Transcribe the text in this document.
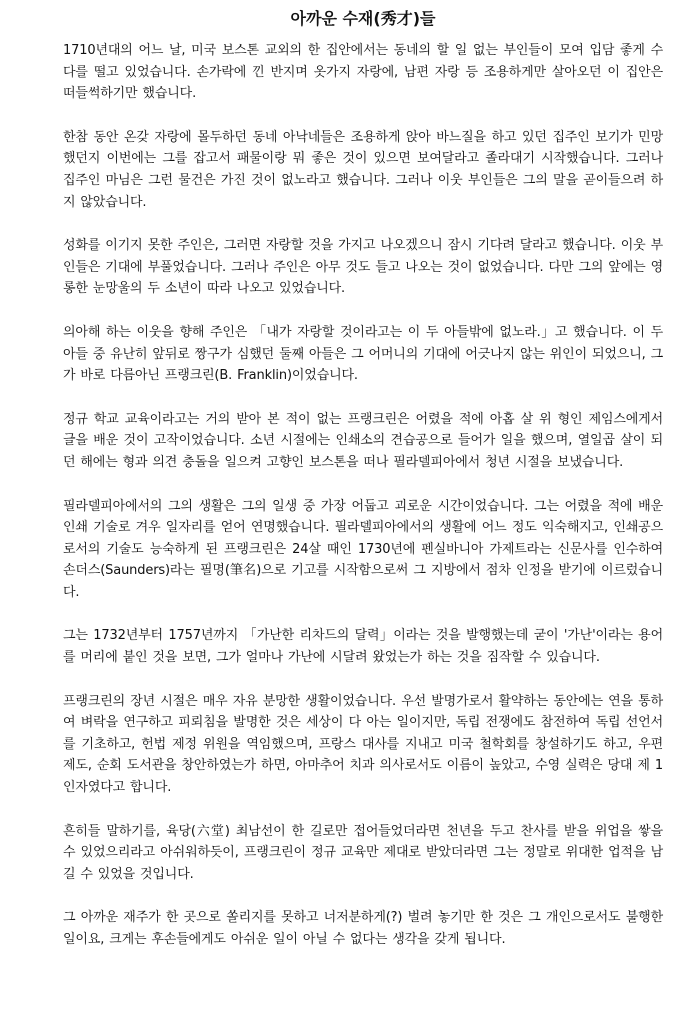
아까운 수재(秀才)들

1710년대의 어느 날, 미국 보스톤 교외의 한 집안에서는 동네의 할 일 없는 부인들이 모여 입담 좋게 수다를 떨고 있었습니다. 손가락에 낀 반지며 옷가지 자랑에, 남편 자랑 등 조용하게만 살아오던 이 집안은 떠들썩하기만 했습니다.

한참 동안 온갖 자랑에 몰두하던 동네 아낙네들은 조용하게 앉아 바느질을 하고 있던 집주인 보기가 민망했던지 이번에는 그를 잡고서 패물이랑 뭐 좋은 것이 있으면 보여달라고 졸라대기 시작했습니다. 그러나 집주인 마님은 그런 물건은 가진 것이 없노라고 했습니다. 그러나 이웃 부인들은 그의 말을 곧이들으려 하지 않았습니다.

성화를 이기지 못한 주인은, 그러면 자랑할 것을 가지고 나오겠으니 잠시 기다려 달라고 했습니다. 이웃 부인들은 기대에 부풀었습니다. 그러나 주인은 아무 것도 들고 나오는 것이 없었습니다. 다만 그의 앞에는 영롱한 눈망울의 두 소년이 따라 나오고 있었습니다.

의아해 하는 이웃을 향해 주인은 「내가 자랑할 것이라고는 이 두 아들밖에 없노라.」고 했습니다. 이 두 아들 중 유난히 앞뒤로 짱구가 심했던 둘째 아들은 그 어머니의 기대에 어긋나지 않는 위인이 되었으니, 그가 바로 다름아닌 프랭크린(B. Franklin)이었습니다.

정규 학교 교육이라고는 거의 받아 본 적이 없는 프랭크린은 어렸을 적에 아홉 살 위 형인 제임스에게서 글을 배운 것이 고작이었습니다. 소년 시절에는 인쇄소의 견습공으로 들어가 일을 했으며, 열일곱 살이 되던 해에는 형과 의견 충돌을 일으켜 고향인 보스톤을 떠나 필라델피아에서 청년 시절을 보냈습니다.

필라델피아에서의 그의 생활은 그의 일생 중 가장 어둡고 괴로운 시간이었습니다. 그는 어렸을 적에 배운 인쇄 기술로 겨우 일자리를 얻어 연명했습니다. 필라델피아에서의 생활에 어느 정도 익숙해지고, 인쇄공으로서의 기술도 능숙하게 된 프랭크린은 24살 때인 1730년에 펜실바니아 가제트라는 신문사를 인수하여 손더스(Saunders)라는 필명(筆名)으로 기고를 시작함으로써 그 지방에서 점차 인정을 받기에 이르렀습니다.

그는 1732년부터 1757년까지 「가난한 리차드의 달력」이라는 것을 발행했는데 굳이 '가난'이라는 용어를 머리에 붙인 것을 보면, 그가 얼마나 가난에 시달려 왔었는가 하는 것을 짐작할 수 있습니다.

프랭크린의 장년 시절은 매우 자유 분망한 생활이었습니다. 우선 발명가로서 활약하는 동안에는 연을 통하여 벼락을 연구하고 피뢰침을 발명한 것은 세상이 다 아는 일이지만, 독립 전쟁에도 참전하여 독립 선언서를 기초하고, 헌법 제정 위원을 역임했으며, 프랑스 대사를 지내고 미국 철학회를 창설하기도 하고, 우편 제도, 순회 도서관을 창안하였는가 하면, 아마추어 치과 의사로서도 이름이 높았고, 수영 실력은 당대 제 1인자였다고 합니다.

흔히들 말하기를, 육당(六堂) 최남선이 한 길로만 접어들었더라면 천년을 두고 찬사를 받을 위업을 쌓을 수 있었으리라고 아쉬워하듯이, 프랭크린이 정규 교육만 제대로 받았더라면 그는 정말로 위대한 업적을 남길 수 있었을 것입니다.

그 아까운 재주가 한 곳으로 쏠리지를 못하고 너저분하게(?) 벌려 놓기만 한 것은 그 개인으로서도 불행한 일이요, 크게는 후손들에게도 아쉬운 일이 아닐 수 없다는 생각을 갖게 됩니다.
